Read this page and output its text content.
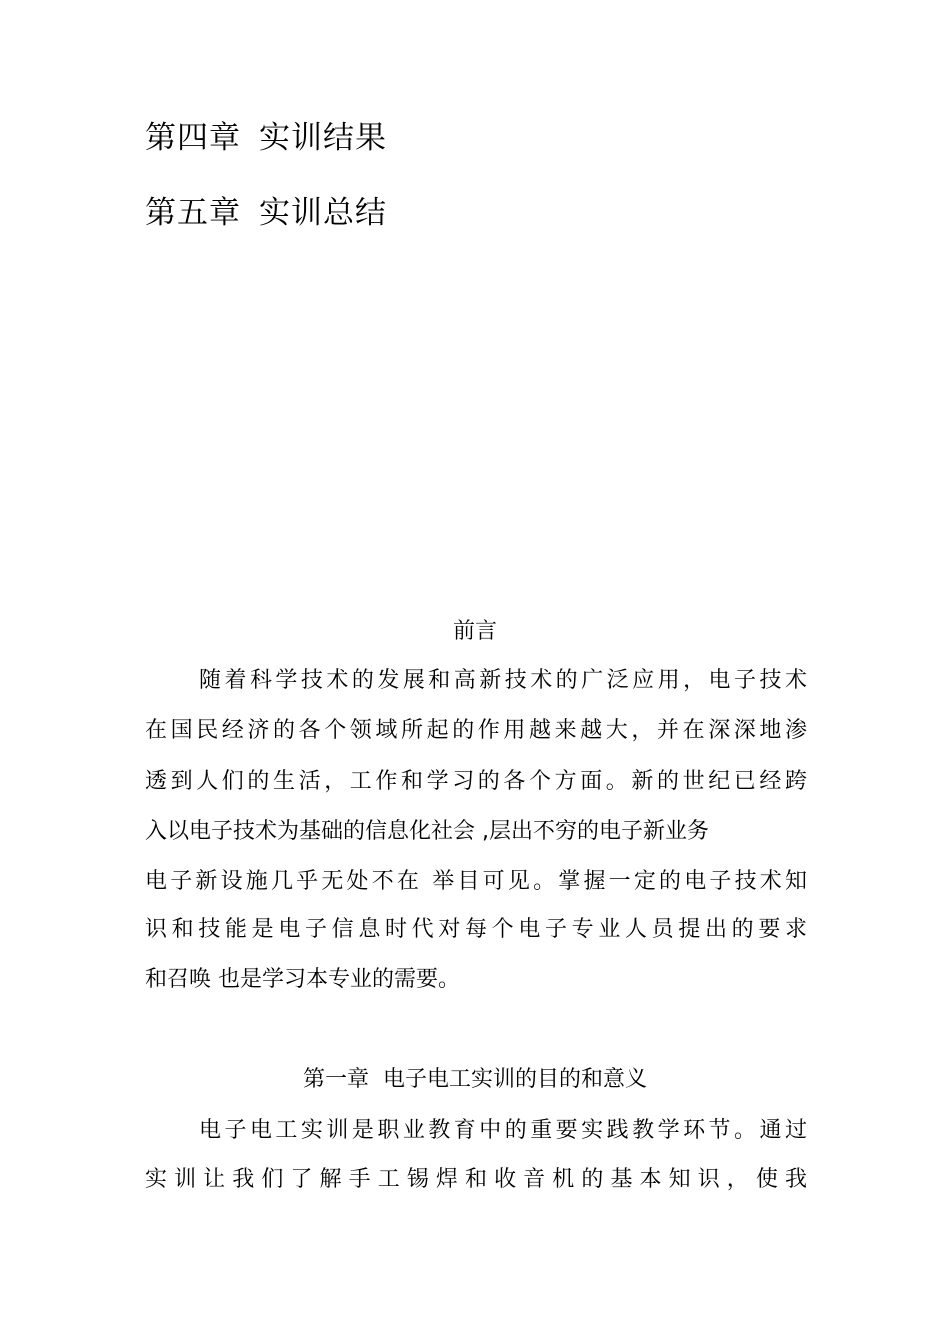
第四章 实训结果
第五章 实训总结
前言

随着科学技术的发展和高新技术的广泛应用，电子技术

在国民经济的各个领域所起的作用越来越大，并在深深地渗

透到人们的生活，工作和学习的各个方面。新的世纪已经跨

入以电子技术为基础的信息化社会 ,层出不穷的电子新业务

电子新设施几乎无处不在 举目可见。掌握一定的电子技术知

识和技能是电子信息时代对每个电子专业人员提出的要求

和召唤 也是学习本专业的需要。

第一章 电子电工实训的目的和意义

电子电工实训是职业教育中的重要实践教学环节。通过

实训让我们了解手工锡焊和收音机的基本知识，使我
